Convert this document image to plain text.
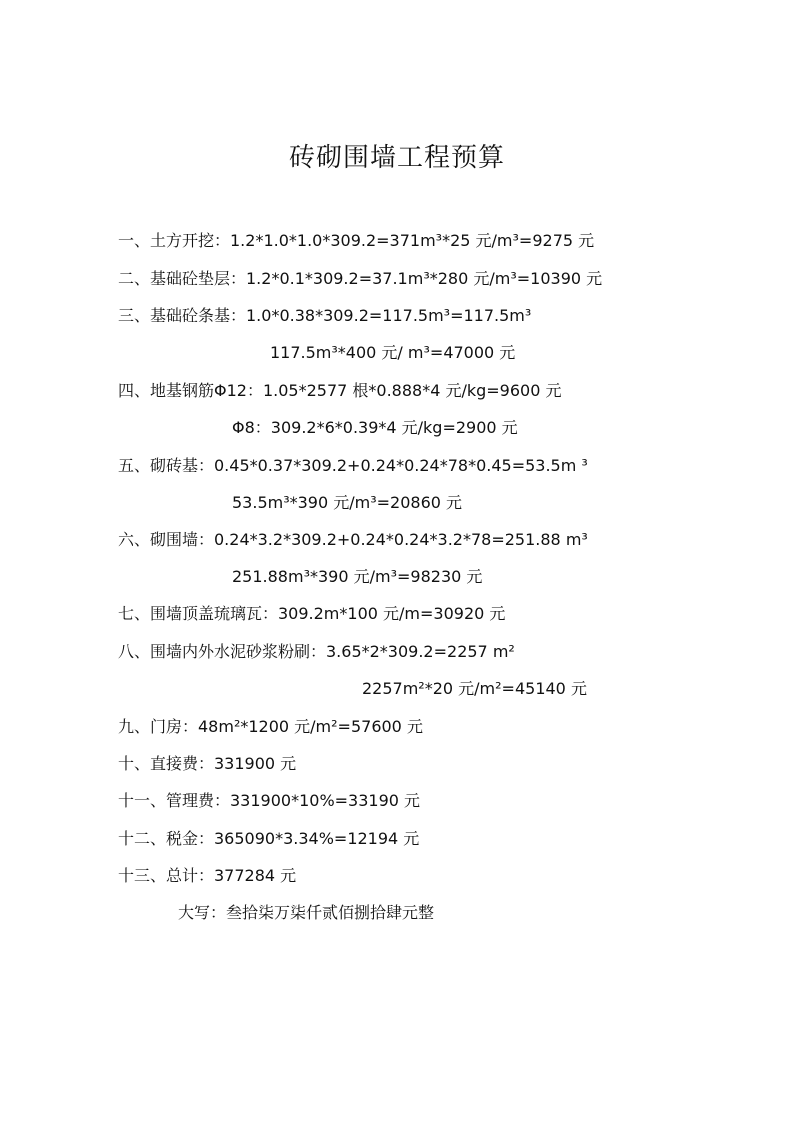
砖砌围墙工程预算
一、土方开挖：1.2*1.0*1.0*309.2=371m³*25 元/m³=9275 元
二、基础砼垫层：1.2*0.1*309.2=37.1m³*280 元/m³=10390 元
三、基础砼条基：1.0*0.38*309.2=117.5m³=117.5m³
117.5m³*400 元/ m³=47000 元
四、地基钢筋Φ12：1.05*2577 根*0.888*4 元/kg=9600 元
Φ8：309.2*6*0.39*4 元/kg=2900 元
五、砌砖基：0.45*0.37*309.2+0.24*0.24*78*0.45=53.5m ³
53.5m³*390 元/m³=20860 元
六、砌围墙：0.24*3.2*309.2+0.24*0.24*3.2*78=251.88 m³
251.88m³*390 元/m³=98230 元
七、围墙顶盖琉璃瓦：309.2m*100 元/m=30920 元
八、围墙内外水泥砂浆粉刷：3.65*2*309.2=2257 m²
2257m²*20 元/m²=45140 元
九、门房：48m²*1200 元/m²=57600 元
十、直接费：331900 元
十一、管理费：331900*10%=33190 元
十二、税金：365090*3.34%=12194 元
十三、总计：377284 元
大写：叁拾柒万柒仟贰佰捌拾肆元整
